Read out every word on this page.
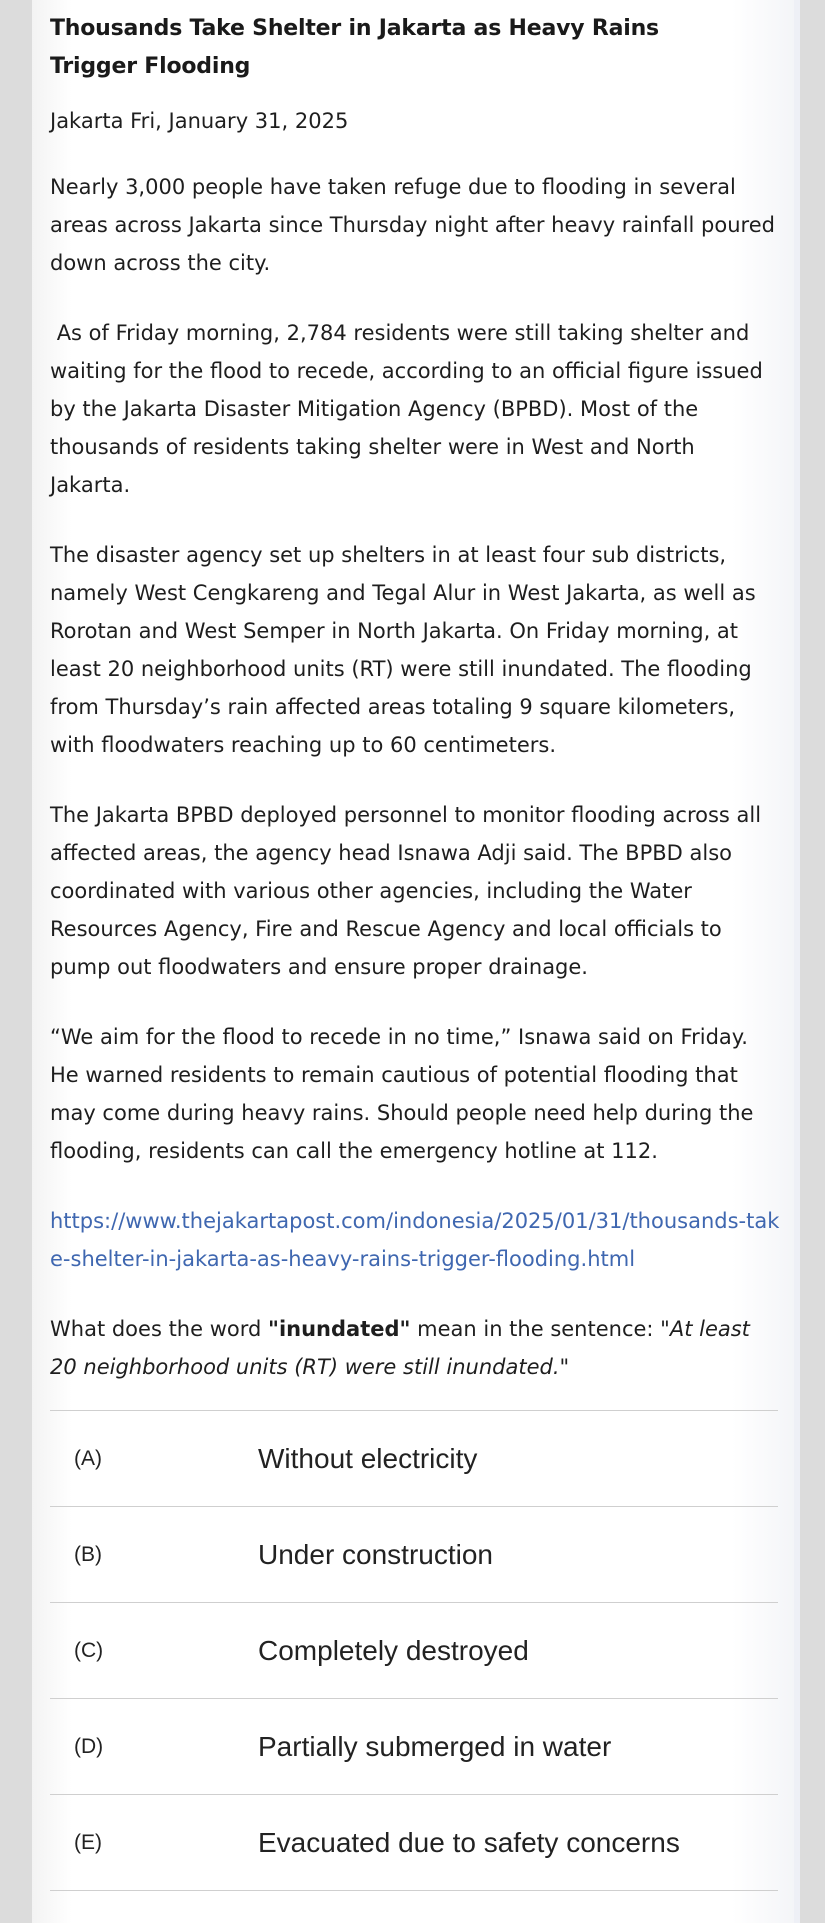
Thousands Take Shelter in Jakarta as Heavy Rains Trigger Flooding

Jakarta Fri, January 31, 2025

Nearly 3,000 people have taken refuge due to flooding in several areas across Jakarta since Thursday night after heavy rainfall poured down across the city.

As of Friday morning, 2,784 residents were still taking shelter and waiting for the flood to recede, according to an official figure issued by the Jakarta Disaster Mitigation Agency (BPBD). Most of the thousands of residents taking shelter were in West and North Jakarta.

The disaster agency set up shelters in at least four sub districts, namely West Cengkareng and Tegal Alur in West Jakarta, as well as Rorotan and West Semper in North Jakarta. On Friday morning, at least 20 neighborhood units (RT) were still inundated. The flooding from Thursday’s rain affected areas totaling 9 square kilometers, with floodwaters reaching up to 60 centimeters.

The Jakarta BPBD deployed personnel to monitor flooding across all affected areas, the agency head Isnawa Adji said. The BPBD also coordinated with various other agencies, including the Water Resources Agency, Fire and Rescue Agency and local officials to pump out floodwaters and ensure proper drainage.

“We aim for the flood to recede in no time,” Isnawa said on Friday. He warned residents to remain cautious of potential flooding that may come during heavy rains. Should people need help during the flooding, residents can call the emergency hotline at 112.

https://www.thejakartapost.com/indonesia/2025/01/31/thousands-take-shelter-in-jakarta-as-heavy-rains-trigger-flooding.html

What does the word "inundated" mean in the sentence: "At least 20 neighborhood units (RT) were still inundated."

(A)	Without electricity
(B)	Under construction
(C)	Completely destroyed
(D)	Partially submerged in water
(E)	Evacuated due to safety concerns
